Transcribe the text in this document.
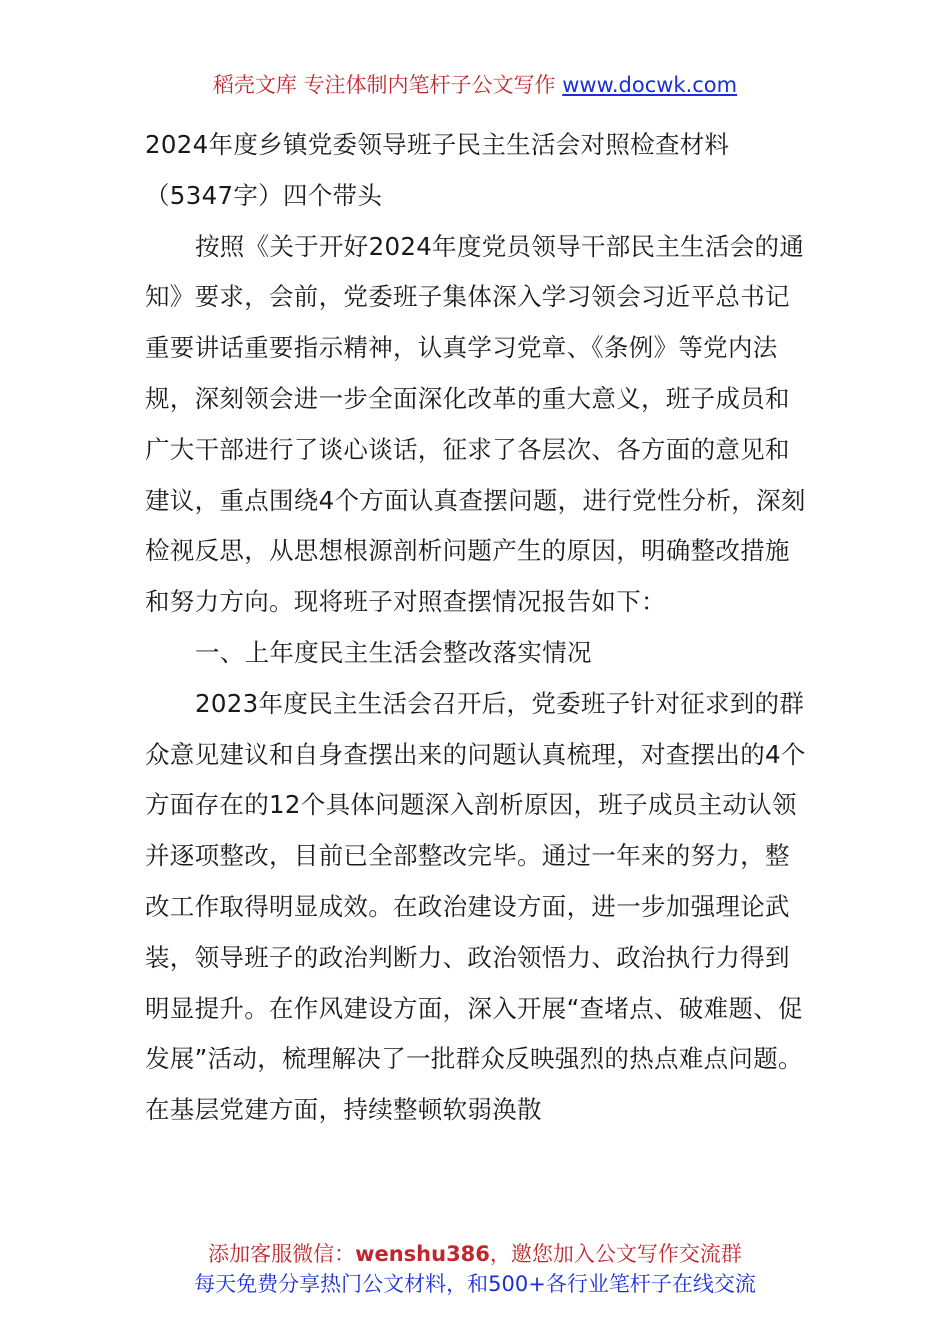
稻壳文库 专注体制内笔杆子公文写作 www.docwk.com

2024年度乡镇党委领导班子民主生活会对照检查材料（5347字）四个带头

按照《关于开好2024年度党员领导干部民主生活会的通知》要求，会前，党委班子集体深入学习领会习近平总书记重要讲话重要指示精神，认真学习党章、《条例》等党内法规，深刻领会进一步全面深化改革的重大意义，班子成员和广大干部进行了谈心谈话，征求了各层次、各方面的意见和建议，重点围绕4个方面认真查摆问题，进行党性分析，深刻检视反思，从思想根源剖析问题产生的原因，明确整改措施和努力方向。现将班子对照查摆情况报告如下：

一、上年度民主生活会整改落实情况

2023年度民主生活会召开后，党委班子针对征求到的群众意见建议和自身查摆出来的问题认真梳理，对查摆出的4个方面存在的12个具体问题深入剖析原因，班子成员主动认领并逐项整改，目前已全部整改完毕。通过一年来的努力，整改工作取得明显成效。在政治建设方面，进一步加强理论武装，领导班子的政治判断力、政治领悟力、政治执行力得到明显提升。在作风建设方面，深入开展“查堵点、破难题、促发展”活动，梳理解决了一批群众反映强烈的热点难点问题。在基层党建方面，持续整顿软弱涣散

添加客服微信：wenshu386，邀您加入公文写作交流群
每天免费分享热门公文材料，和500+各行业笔杆子在线交流
